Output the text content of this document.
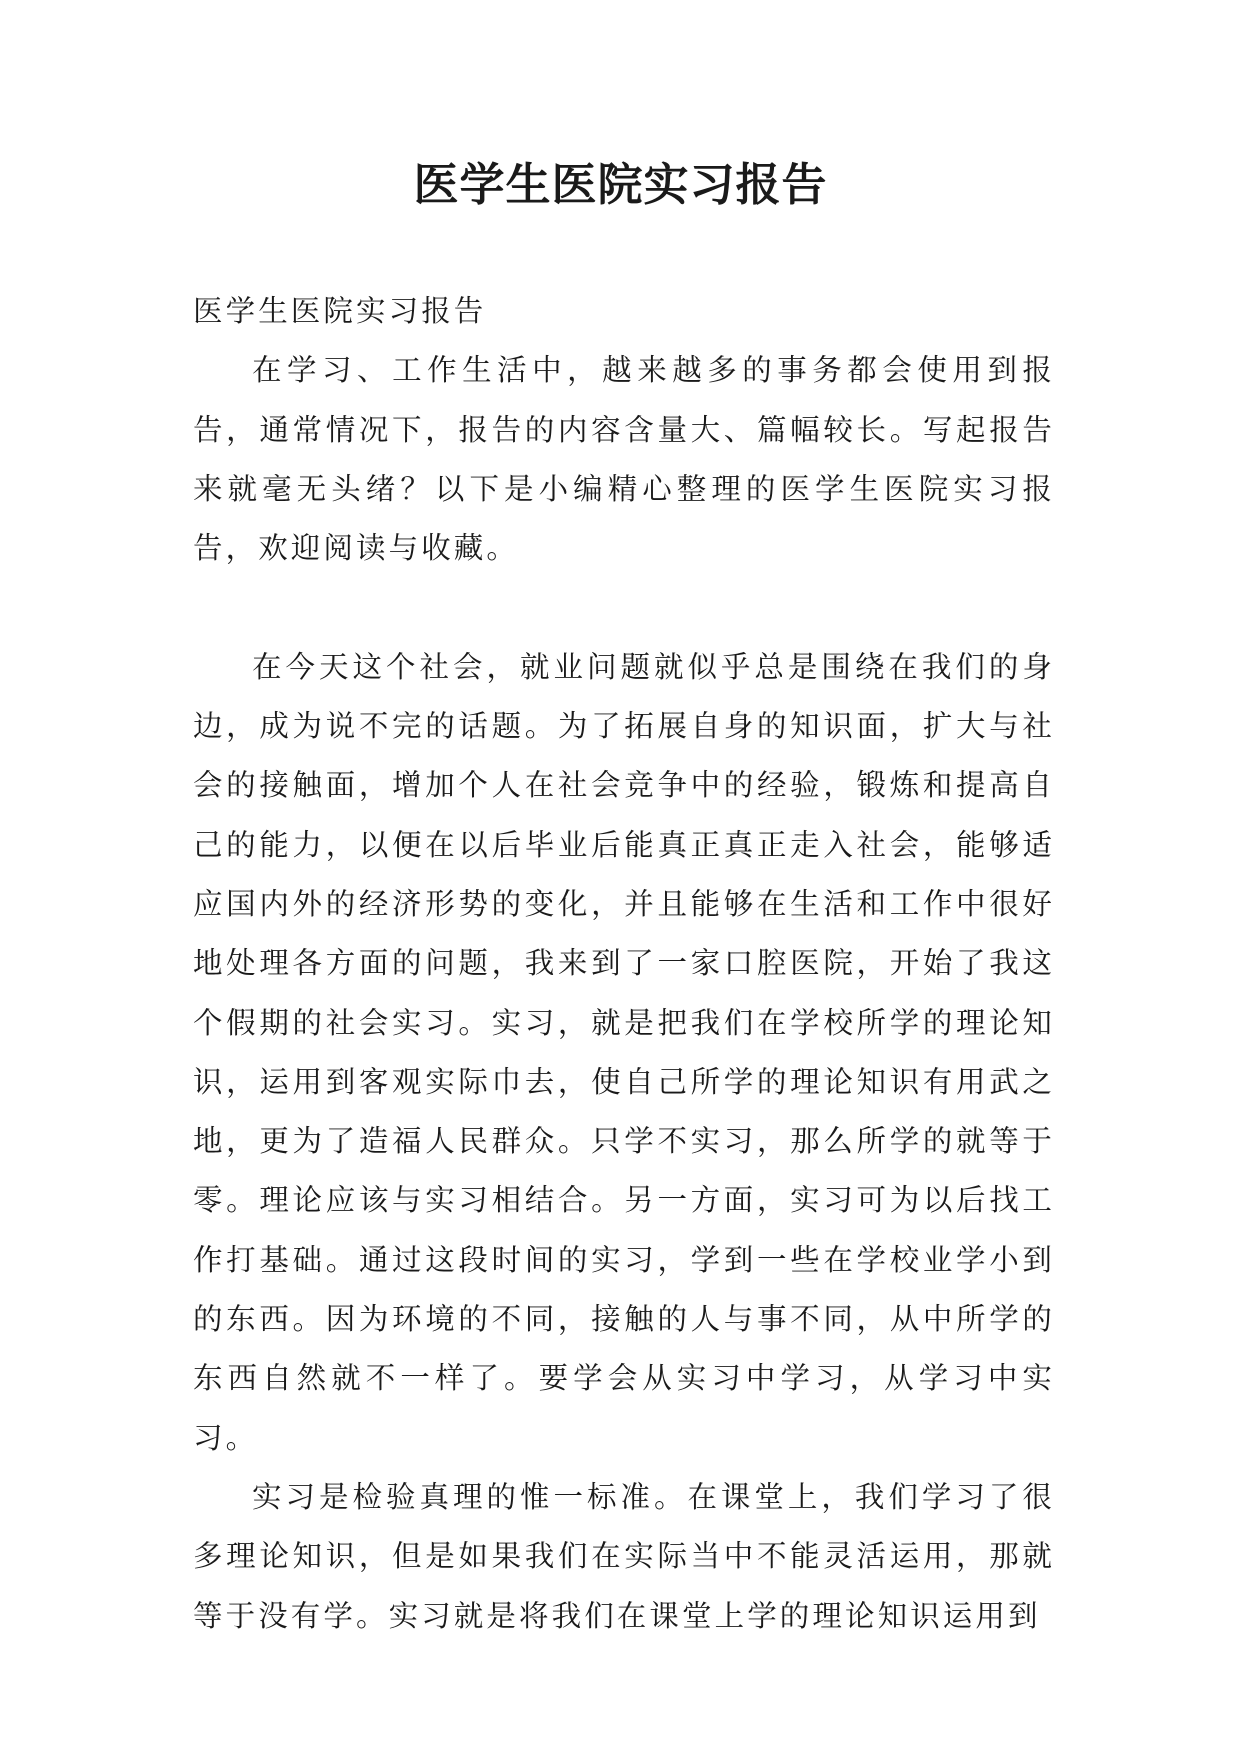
医学生医院实习报告

医学生医院实习报告

在学习、工作生活中，越来越多的事务都会使用到报告，通常情况下，报告的内容含量大、篇幅较长。写起报告来就毫无头绪？以下是小编精心整理的医学生医院实习报告，欢迎阅读与收藏。

在今天这个社会，就业问题就似乎总是围绕在我们的身边，成为说不完的话题。为了拓展自身的知识面，扩大与社会的接触面，增加个人在社会竞争中的经验，锻炼和提高自己的能力，以便在以后毕业后能真正真正走入社会，能够适应国内外的经济形势的变化，并且能够在生活和工作中很好地处理各方面的问题，我来到了一家口腔医院，开始了我这个假期的社会实习。实习，就是把我们在学校所学的理论知识，运用到客观实际巾去，使自己所学的理论知识有用武之地，更为了造福人民群众。只学不实习，那么所学的就等于零。理论应该与实习相结合。另一方面，实习可为以后找工作打基础。通过这段时间的实习，学到一些在学校业学小到的东西。因为环境的不同，接触的人与事不同，从中所学的东西自然就不一样了。要学会从实习中学习，从学习中实习。

实习是检验真理的惟一标准。在课堂上，我们学习了很多理论知识，但是如果我们在实际当中不能灵活运用，那就等于没有学。实习就是将我们在课堂上学的理论知识运用到
